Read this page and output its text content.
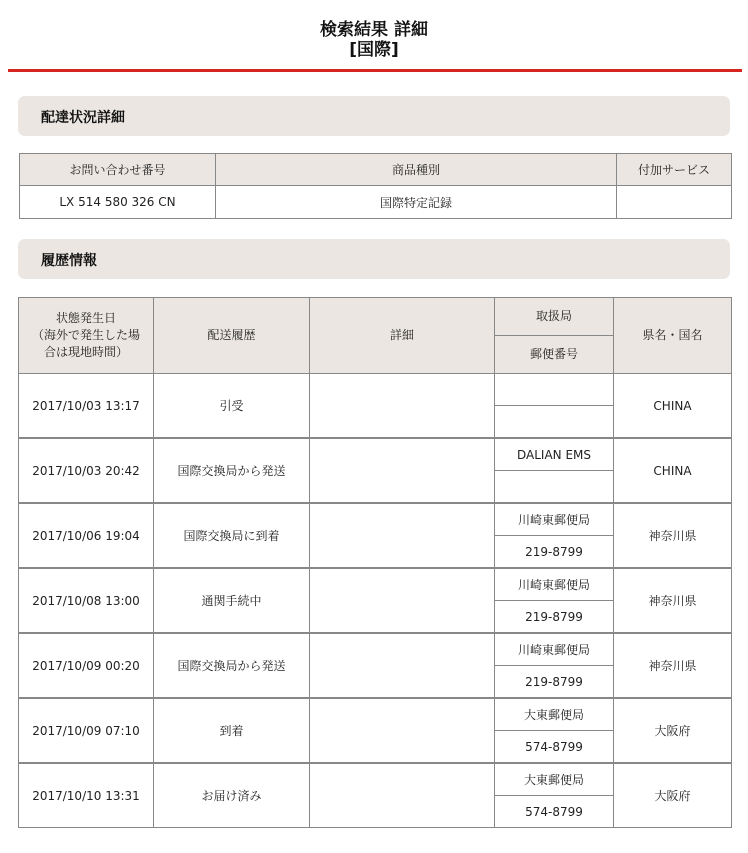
検索結果 詳細
[国際]
配達状況詳細
お問い合わせ番号	商品種別	付加サービス
LX 514 580 326 CN	国際特定記録	
履歴情報
状態発生日
（海外で発生した場
合は現地時間）	配送履歴	詳細	取扱局	県名・国名
			郵便番号	
2017/10/03 13:17	引受			CHINA

2017/10/03 20:42	国際交換局から発送		DALIAN EMS	CHINA

2017/10/06 19:04	国際交換局に到着		川崎東郵便局	神奈川県
			219-8799	
2017/10/08 13:00	通関手続中		川崎東郵便局	神奈川県
			219-8799	
2017/10/09 00:20	国際交換局から発送		川崎東郵便局	神奈川県
			219-8799	
2017/10/09 07:10	到着		大東郵便局	大阪府
			574-8799	
2017/10/10 13:31	お届け済み		大東郵便局	大阪府
			574-8799	
